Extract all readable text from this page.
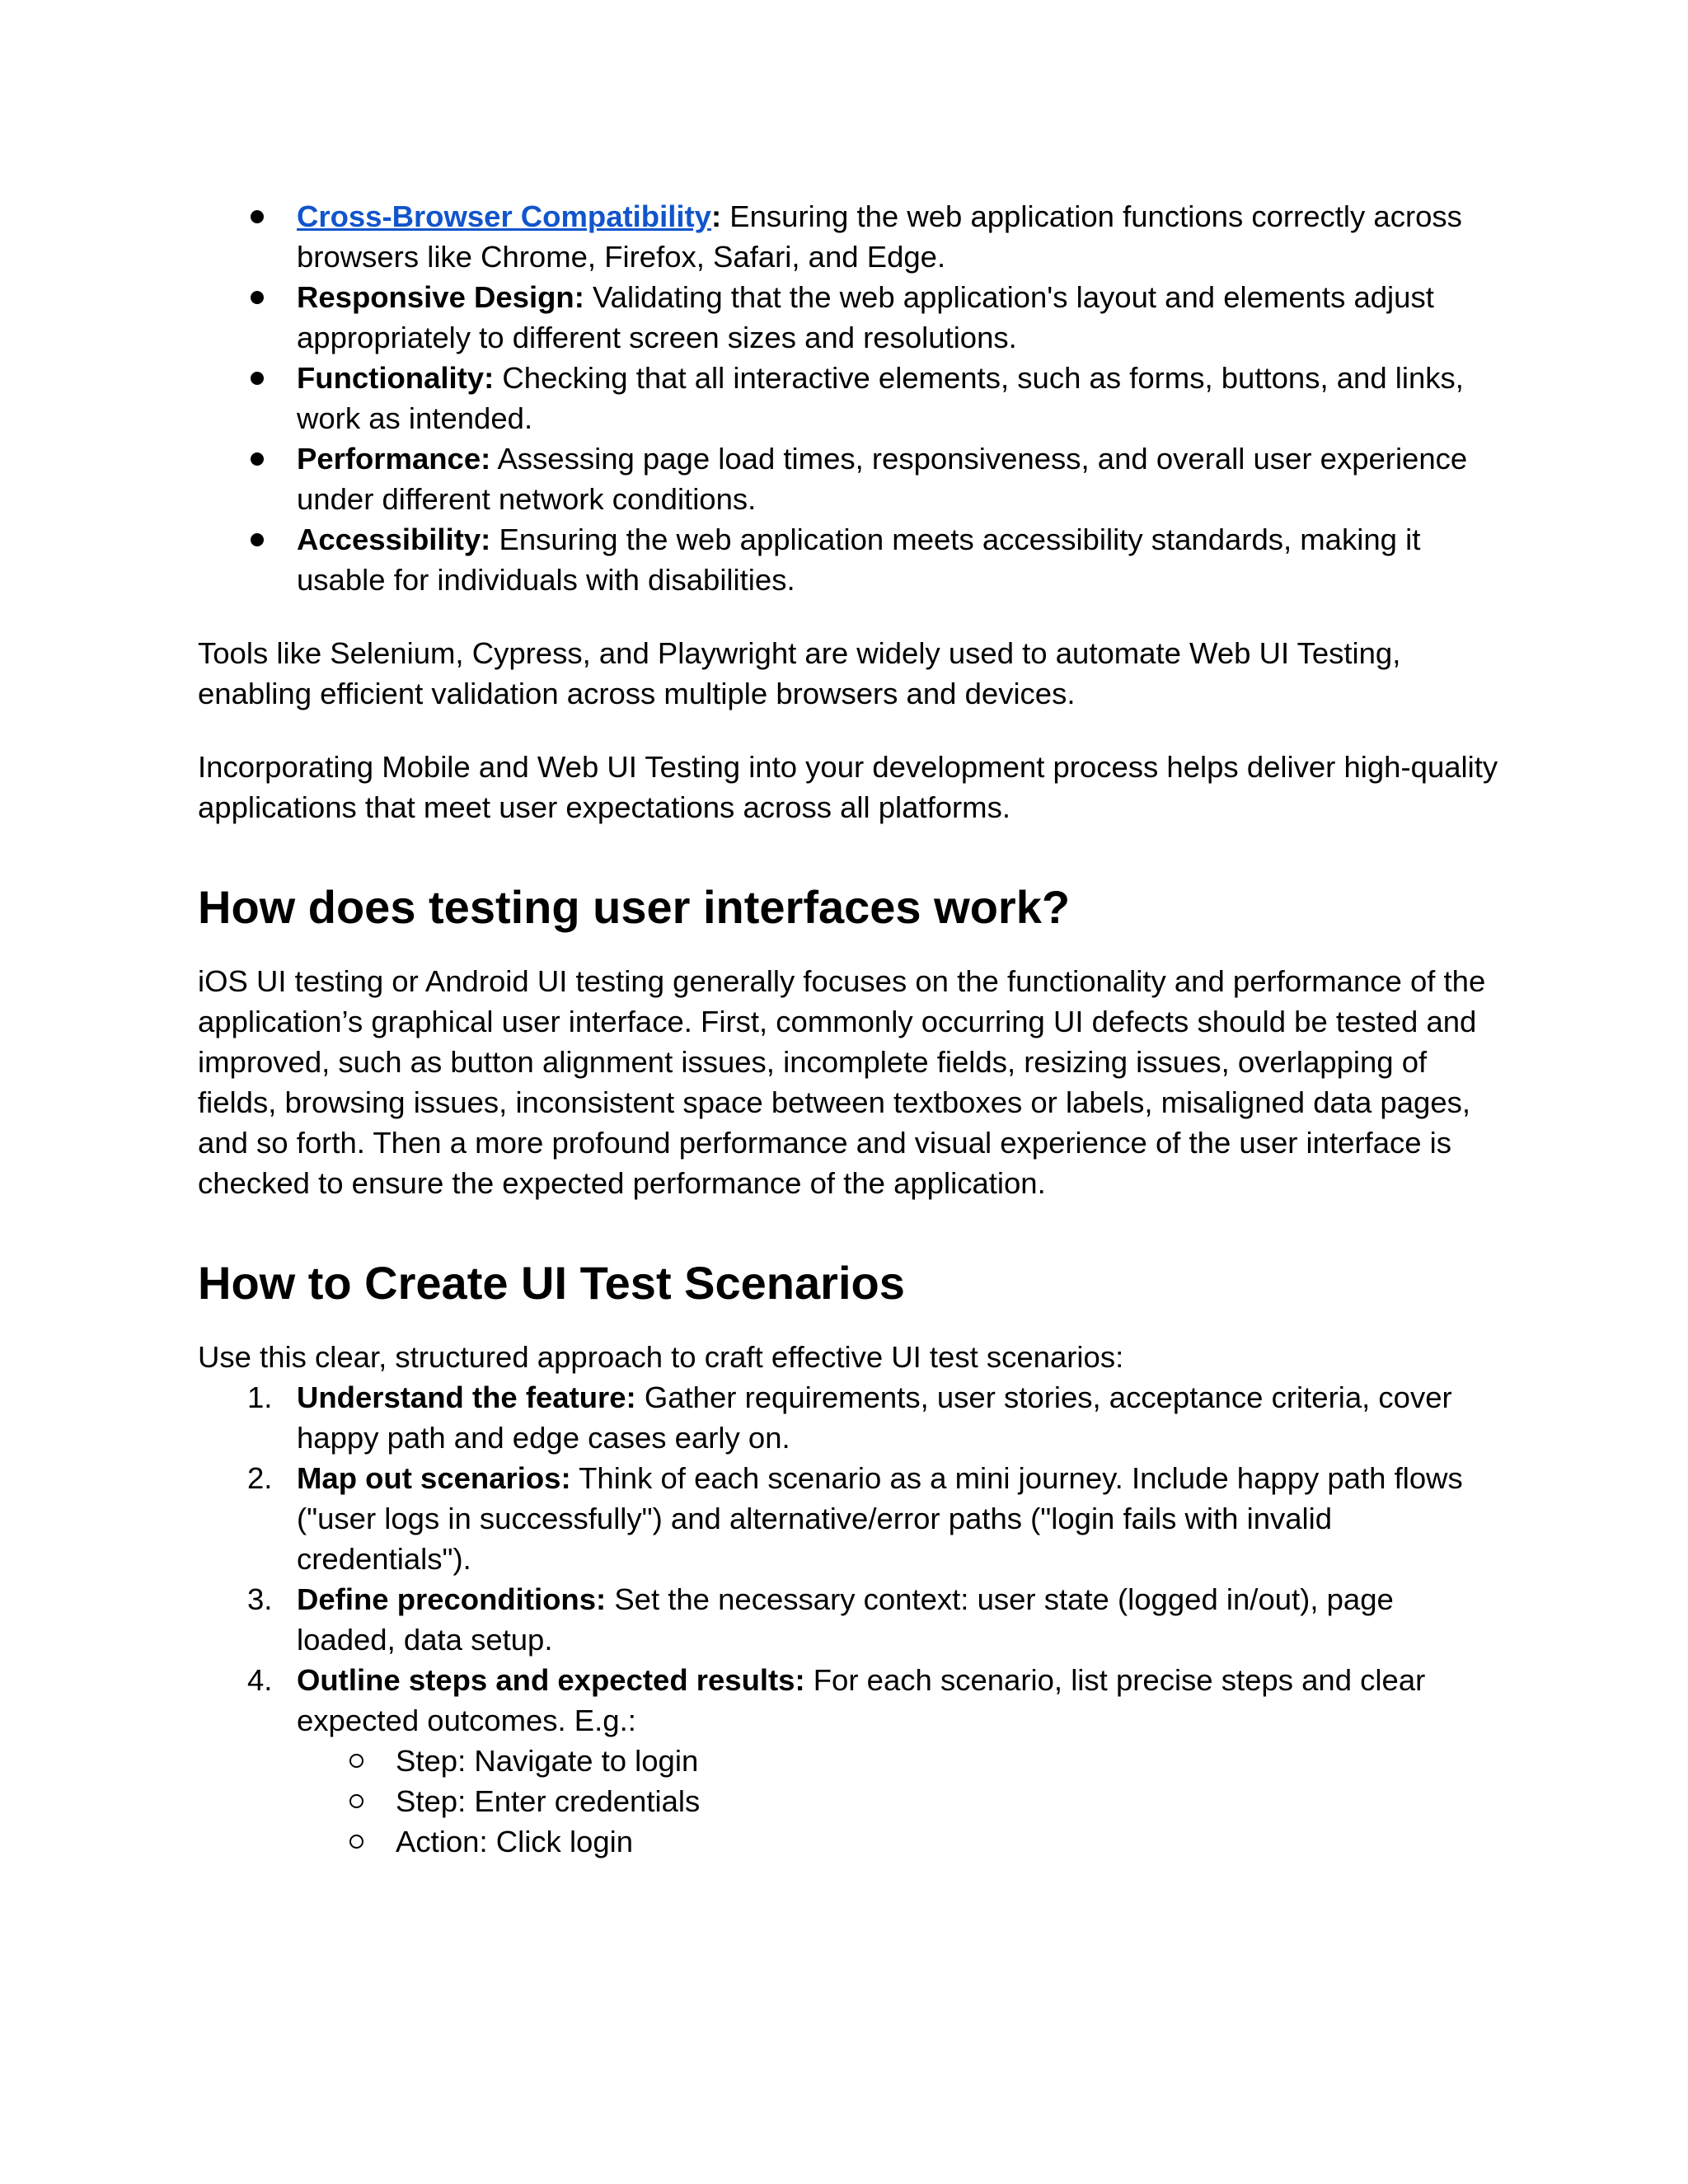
Cross-Browser Compatibility: Ensuring the web application functions correctly across browsers like Chrome, Firefox, Safari, and Edge.
Responsive Design: Validating that the web application's layout and elements adjust appropriately to different screen sizes and resolutions.
Functionality: Checking that all interactive elements, such as forms, buttons, and links, work as intended.
Performance: Assessing page load times, responsiveness, and overall user experience under different network conditions.
Accessibility: Ensuring the web application meets accessibility standards, making it usable for individuals with disabilities.

Tools like Selenium, Cypress, and Playwright are widely used to automate Web UI Testing, enabling efficient validation across multiple browsers and devices.

Incorporating Mobile and Web UI Testing into your development process helps deliver high-quality applications that meet user expectations across all platforms.

How does testing user interfaces work?

iOS UI testing or Android UI testing generally focuses on the functionality and performance of the application’s graphical user interface. First, commonly occurring UI defects should be tested and improved, such as button alignment issues, incomplete fields, resizing issues, overlapping of fields, browsing issues, inconsistent space between textboxes or labels, misaligned data pages, and so forth. Then a more profound performance and visual experience of the user interface is checked to ensure the expected performance of the application.

How to Create UI Test Scenarios

Use this clear, structured approach to craft effective UI test scenarios:

1. Understand the feature: Gather requirements, user stories, acceptance criteria, cover happy path and edge cases early on.
2. Map out scenarios: Think of each scenario as a mini journey. Include happy path flows ("user logs in successfully") and alternative/error paths ("login fails with invalid credentials").
3. Define preconditions: Set the necessary context: user state (logged in/out), page loaded, data setup.
4. Outline steps and expected results: For each scenario, list precise steps and clear expected outcomes. E.g.:
Step: Navigate to login
Step: Enter credentials
Action: Click login
